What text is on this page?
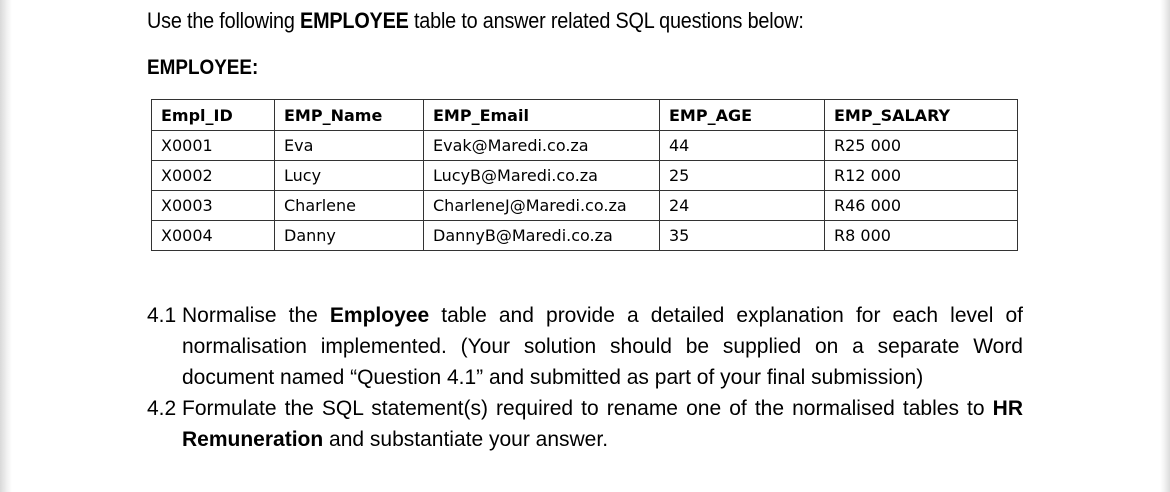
Use the following EMPLOYEE table to answer related SQL questions below:
EMPLOYEE:
Empl_ID	EMP_Name	EMP_Email	EMP_AGE	EMP_SALARY
X0001	Eva	Evak@Maredi.co.za	44	R25 000
X0002	Lucy	LucyB@Maredi.co.za	25	R12 000
X0003	Charlene	CharleneJ@Maredi.co.za	24	R46 000
X0004	Danny	DannyB@Maredi.co.za	35	R8 000
4.1 Normalise the Employee table and provide a detailed explanation for each level of normalisation implemented. (Your solution should be supplied on a separate Word document named “Question 4.1” and submitted as part of your final submission)
4.2 Formulate the SQL statement(s) required to rename one of the normalised tables to HR Remuneration and substantiate your answer.
